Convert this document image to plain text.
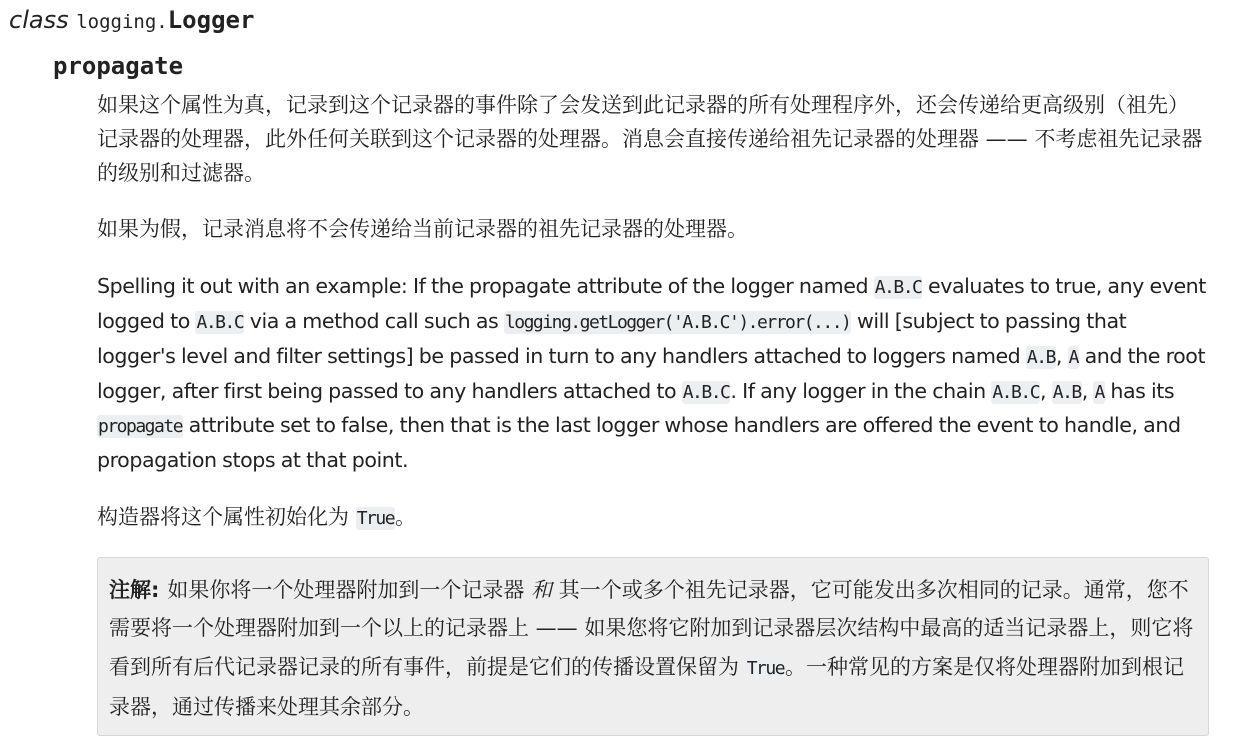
class logging.Logger
propagate

如果这个属性为真，记录到这个记录器的事件除了会发送到此记录器的所有处理程序外，还会传递给更高级别（祖先）记录器的处理器，此外任何关联到这个记录器的处理器。消息会直接传递给祖先记录器的处理器 —— 不考虑祖先记录器的级别和过滤器。

如果为假，记录消息将不会传递给当前记录器的祖先记录器的处理器。

Spelling it out with an example: If the propagate attribute of the logger named A.B.C evaluates to true, any event logged to A.B.C via a method call such as logging.getLogger('A.B.C').error(...) will [subject to passing that logger's level and filter settings] be passed in turn to any handlers attached to loggers named A.B, A and the root logger, after first being passed to any handlers attached to A.B.C. If any logger in the chain A.B.C, A.B, A has its propagate attribute set to false, then that is the last logger whose handlers are offered the event to handle, and propagation stops at that point.

构造器将这个属性初始化为 True。

注解: 如果你将一个处理器附加到一个记录器 和 其一个或多个祖先记录器，它可能发出多次相同的记录。通常，您不需要将一个处理器附加到一个以上的记录器上 —— 如果您将它附加到记录器层次结构中最高的适当记录器上，则它将看到所有后代记录器记录的所有事件，前提是它们的传播设置保留为 True。一种常见的方案是仅将处理器附加到根记录器，通过传播来处理其余部分。
